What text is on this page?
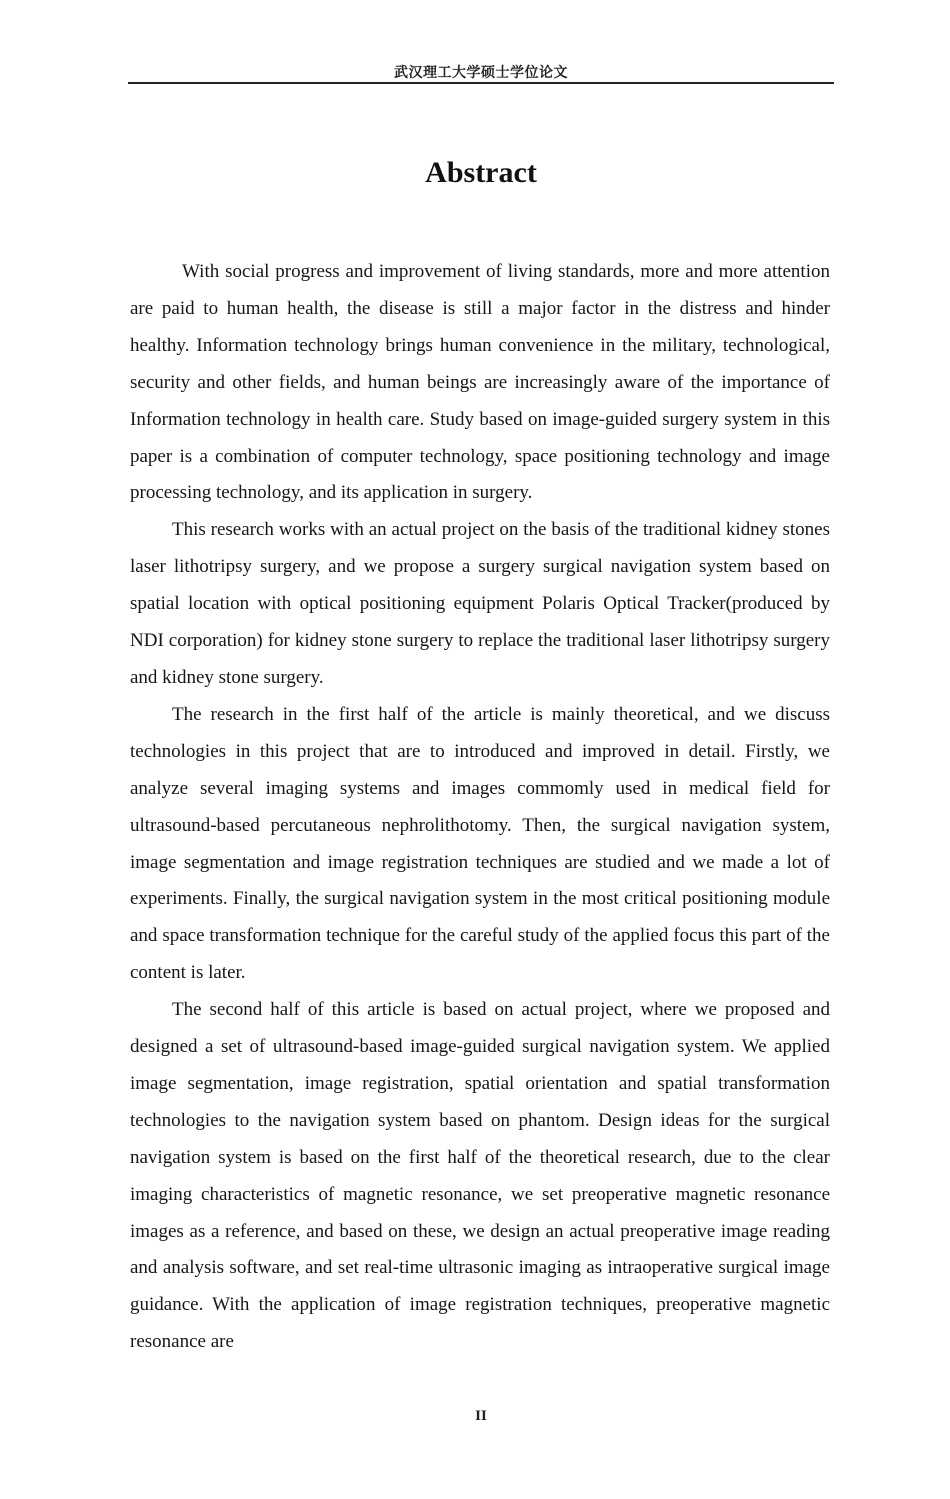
武汉理工大学硕士学位论文
Abstract

With social progress and improvement of living standards, more and more attention are paid to human health, the disease is still a major factor in the distress and hinder healthy. Information technology brings human convenience in the military, technological, security and other fields, and human beings are increasingly aware of the importance of Information technology in health care. Study based on image-guided surgery system in this paper is a combination of computer technology, space positioning technology and image processing technology, and its application in surgery.

This research works with an actual project on the basis of the traditional kidney stones laser lithotripsy surgery, and we propose a surgery surgical navigation system based on spatial location with optical positioning equipment Polaris Optical Tracker(produced by NDI corporation) for kidney stone surgery to replace the traditional laser lithotripsy surgery and kidney stone surgery.

The research in the first half of the article is mainly theoretical, and we discuss technologies in this project that are to introduced and improved in detail. Firstly, we analyze several imaging systems and images commomly used in medical field for ultrasound-based percutaneous nephrolithotomy. Then, the surgical navigation system, image segmentation and image registration techniques are studied and we made a lot of experiments. Finally, the surgical navigation system in the most critical positioning module and space transformation technique for the careful study of the applied focus this part of the content is later.

The second half of this article is based on actual project, where we proposed and designed a set of ultrasound-based image-guided surgical navigation system. We applied image segmentation, image registration, spatial orientation and spatial transformation technologies to the navigation system based on phantom. Design ideas for the surgical navigation system is based on the first half of the theoretical research, due to the clear imaging characteristics of magnetic resonance, we set preoperative magnetic resonance images as a reference, and based on these, we design an actual preoperative image reading and analysis software, and set real-time ultrasonic imaging as intraoperative surgical image guidance. With the application of image registration techniques, preoperative magnetic resonance are

II
